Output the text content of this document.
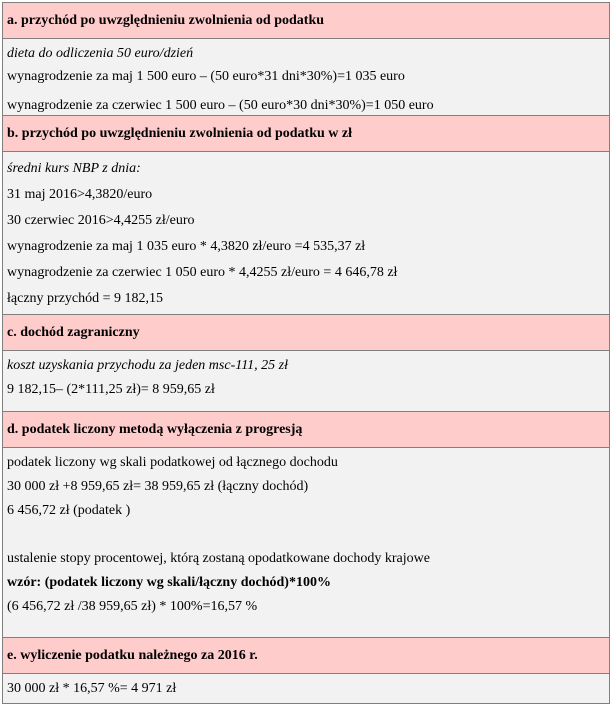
a. przychód po uwzględnieniu zwolnienia od podatku
dieta do odliczenia 50 euro/dzień
wynagrodzenie za maj 1 500 euro – (50 euro*31 dni*30%)=1 035 euro
wynagrodzenie za czerwiec 1 500 euro – (50 euro*30 dni*30%)=1 050 euro
b. przychód po uwzględnieniu zwolnienia od podatku w zł
średni kurs NBP z dnia:
31 maj 2016>4,3820/euro
30 czerwiec 2016>4,4255 zł/euro
wynagrodzenie za maj 1 035 euro * 4,3820 zł/euro =4 535,37 zł
wynagrodzenie za czerwiec 1 050 euro * 4,4255 zł/euro = 4 646,78 zł
łączny przychód = 9 182,15
c. dochód zagraniczny
koszt uzyskania przychodu za jeden msc-111, 25 zł
9 182,15– (2*111,25 zł)= 8 959,65 zł
d. podatek liczony metodą wyłączenia z progresją
podatek liczony wg skali podatkowej od łącznego dochodu
30 000 zł +8 959,65 zł= 38 959,65 zł (łączny dochód)
6 456,72 zł (podatek )
ustalenie stopy procentowej, którą zostaną opodatkowane dochody krajowe
wzór: (podatek liczony wg skali/łączny dochód)*100%
(6 456,72 zł /38 959,65 zł) * 100%=16,57 %
e. wyliczenie podatku należnego za 2016 r.
30 000 zł * 16,57 %= 4 971 zł
